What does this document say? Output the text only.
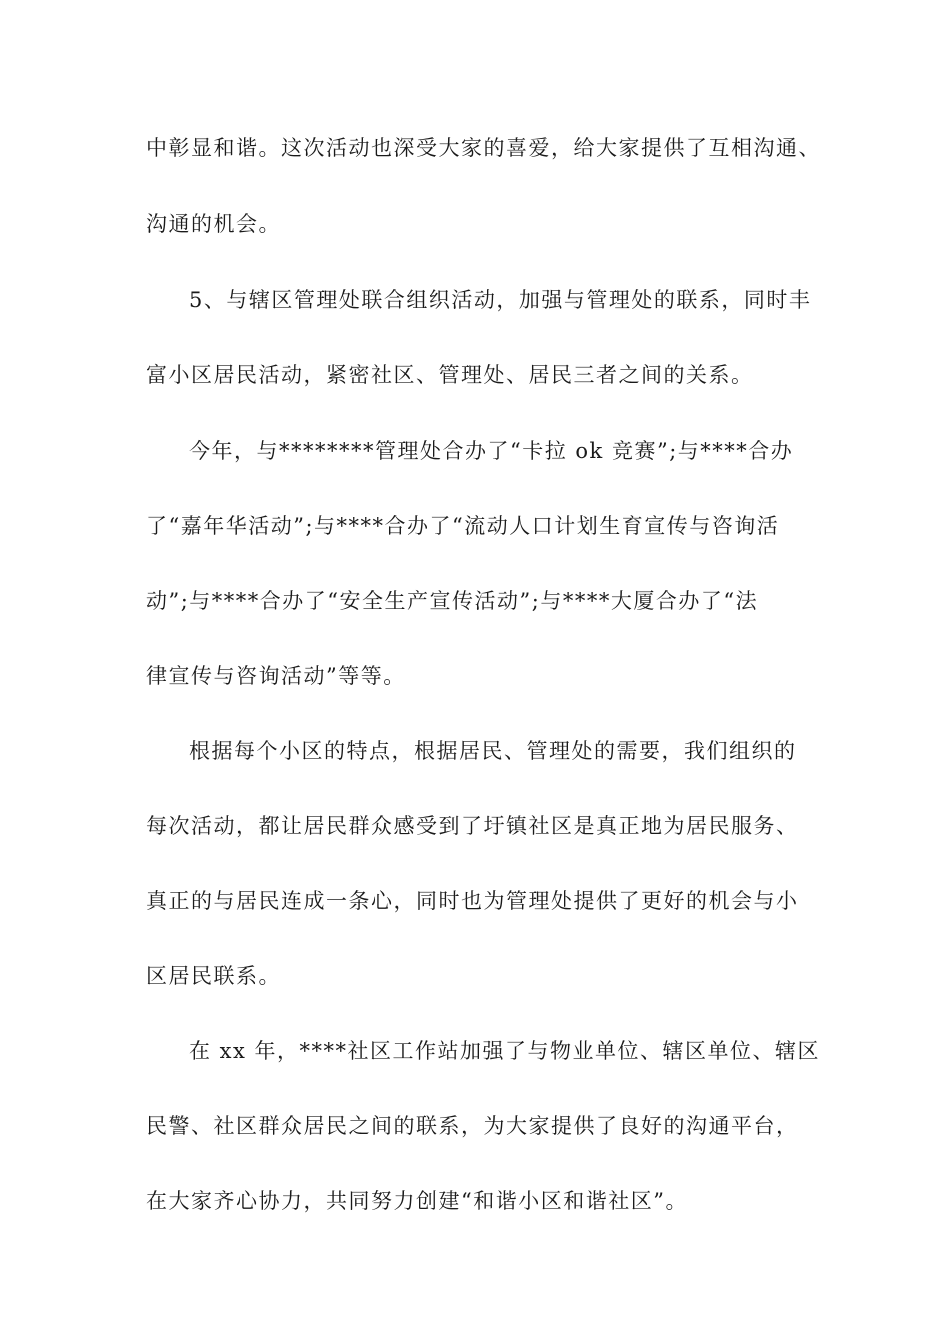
中彰显和谐。这次活动也深受大家的喜爱，给大家提供了互相沟通、
沟通的机会。
5、与辖区管理处联合组织活动，加强与管理处的联系，同时丰
富小区居民活动，紧密社区、管理处、居民三者之间的关系。
今年，与********管理处合办了“卡拉 ok 竞赛”;与****合办
了“嘉年华活动”;与****合办了“流动人口计划生育宣传与咨询活
动”;与****合办了“安全生产宣传活动”;与****大厦合办了“法
律宣传与咨询活动”等等。
根据每个小区的特点，根据居民、管理处的需要，我们组织的
每次活动，都让居民群众感受到了圩镇社区是真正地为居民服务、
真正的与居民连成一条心，同时也为管理处提供了更好的机会与小
区居民联系。
在 xx 年，****社区工作站加强了与物业单位、辖区单位、辖区
民警、社区群众居民之间的联系，为大家提供了良好的沟通平台，
在大家齐心协力，共同努力创建“和谐小区和谐社区”。
